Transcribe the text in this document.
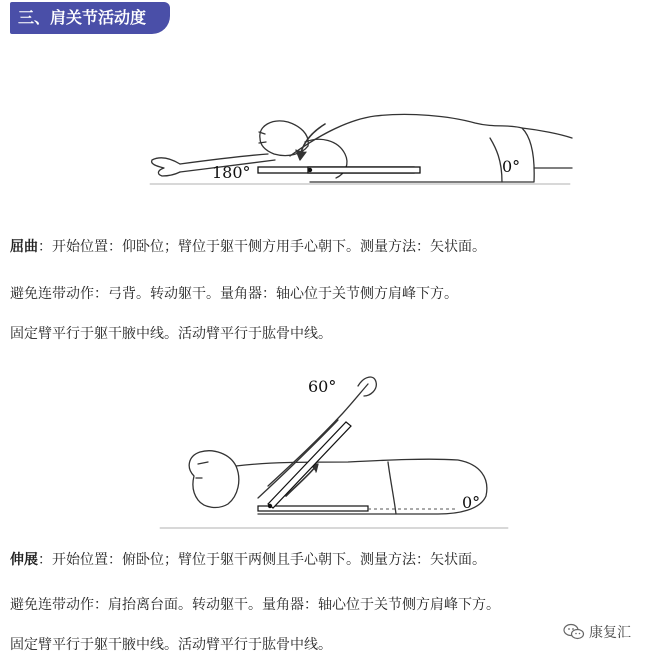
三、肩关节活动度
180°	0°
屈曲：开始位置：仰卧位；臂位于躯干侧方用手心朝下。测量方法：矢状面。
避免连带动作：弓背。转动躯干。量角器：轴心位于关节侧方肩峰下方。
固定臂平行于躯干腋中线。活动臂平行于肱骨中线。
60°
0°
伸展：开始位置：俯卧位；臂位于躯干两侧且手心朝下。测量方法：矢状面。
避免连带动作：肩抬离台面。转动躯干。量角器：轴心位于关节侧方肩峰下方。
固定臂平行于躯干腋中线。活动臂平行于肱骨中线。
康复汇
